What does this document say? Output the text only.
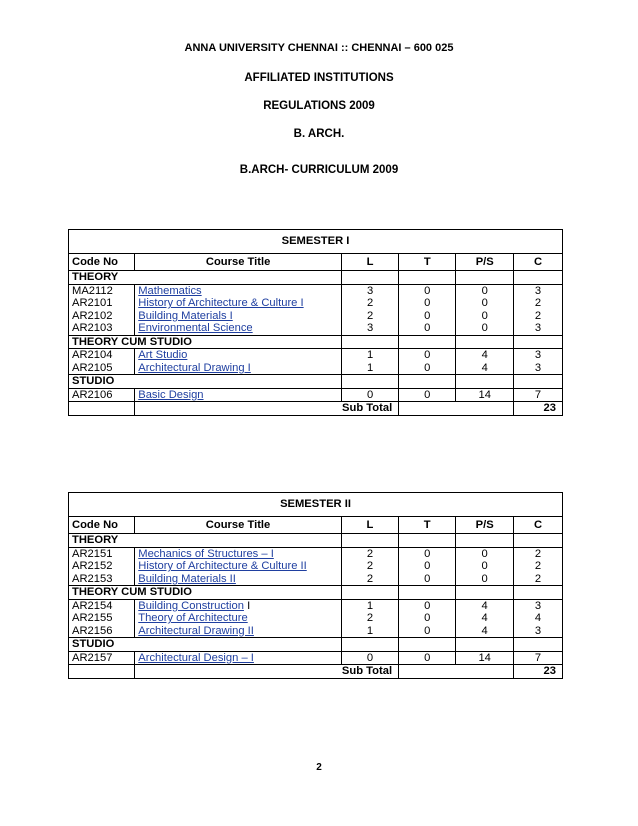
ANNA UNIVERSITY CHENNAI :: CHENNAI – 600 025
AFFILIATED INSTITUTIONS
REGULATIONS 2009
B. ARCH.
B.ARCH- CURRICULUM 2009
SEMESTER I					
Code No	Course Title	L	T	P/S	C
THEORY					
MA2112	Mathematics	3	0	0	3
AR2101	History of Architecture & Culture I	2	0	0	2
AR2102	Building Materials I	2	0	0	2
AR2103	Environmental Science	3	0	0	3
THEORY CUM STUDIO					
AR2104	Art Studio	1	0	4	3
AR2105	Architectural Drawing I	1	0	4	3
STUDIO					
AR2106	Basic Design	0	0	14	7
	Sub Total				23
SEMESTER II					
Code No	Course Title	L	T	P/S	C
THEORY					
AR2151	Mechanics of Structures – I	2	0	0	2
AR2152	History of Architecture & Culture II	2	0	0	2
AR2153	Building Materials II	2	0	0	2
THEORY CUM STUDIO					
AR2154	Building Construction I	1	0	4	3
AR2155	Theory of Architecture	2	0	4	4
AR2156	Architectural Drawing II	1	0	4	3
STUDIO					
AR2157	Architectural Design – I	0	0	14	7
	Sub Total				23
2
